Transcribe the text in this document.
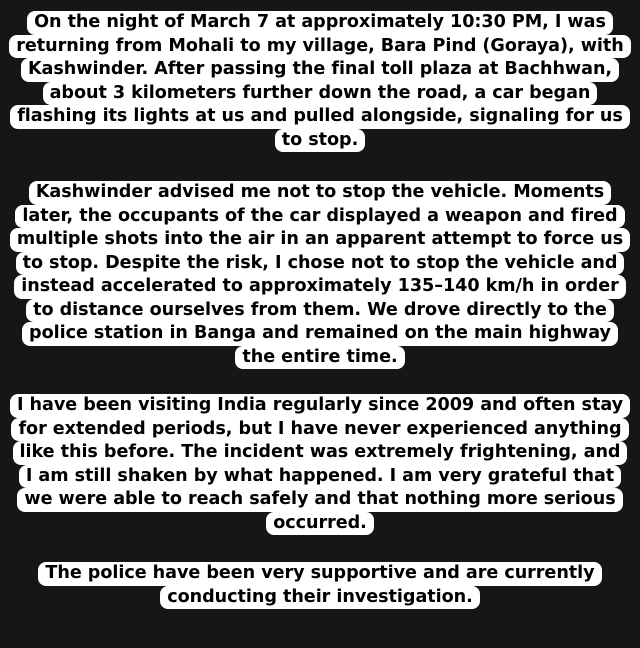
On the night of March 7 at approximately 10:30 PM, I was
returning from Mohali to my village, Bara Pind (Goraya), with
Kashwinder. After passing the final toll plaza at Bachhwan,
about 3 kilometers further down the road, a car began
flashing its lights at us and pulled alongside, signaling for us
to stop.
Kashwinder advised me not to stop the vehicle. Moments
later, the occupants of the car displayed a weapon and fired
multiple shots into the air in an apparent attempt to force us
to stop. Despite the risk, I chose not to stop the vehicle and
instead accelerated to approximately 135–140 km/h in order
to distance ourselves from them. We drove directly to the
police station in Banga and remained on the main highway
the entire time.
I have been visiting India regularly since 2009 and often stay
for extended periods, but I have never experienced anything
like this before. The incident was extremely frightening, and
I am still shaken by what happened. I am very grateful that
we were able to reach safely and that nothing more serious
occurred.
The police have been very supportive and are currently
conducting their investigation.
